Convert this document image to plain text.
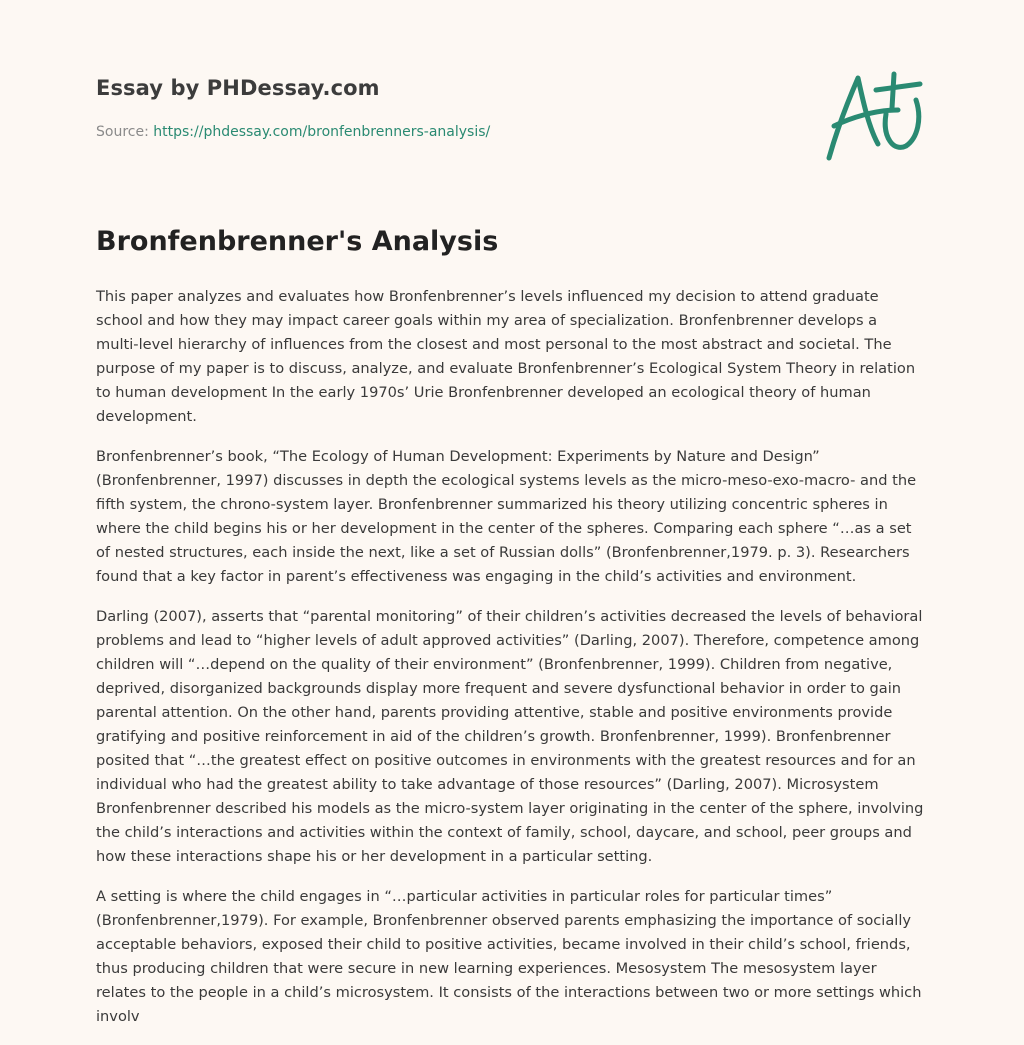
Essay by PHDessay.com
Source: https://phdessay.com/bronfenbrenners-analysis/
Bronfenbrenner's Analysis

This paper analyzes and evaluates how Bronfenbrenner’s levels influenced my decision to attend graduate school and how they may impact career goals within my area of specialization. Bronfenbrenner develops a multi-level hierarchy of influences from the closest and most personal to the most abstract and societal. The purpose of my paper is to discuss, analyze, and evaluate Bronfenbrenner’s Ecological System Theory in relation to human development In the early 1970s’ Urie Bronfenbrenner developed an ecological theory of human development.

Bronfenbrenner’s book, “The Ecology of Human Development: Experiments by Nature and Design” (Bronfenbrenner, 1997) discusses in depth the ecological systems levels as the micro-meso-exo-macro- and the fifth system, the chrono-system layer. Bronfenbrenner summarized his theory utilizing concentric spheres in where the child begins his or her development in the center of the spheres. Comparing each sphere “…as a set of nested structures, each inside the next, like a set of Russian dolls” (Bronfenbrenner,1979. p. 3). Researchers found that a key factor in parent’s effectiveness was engaging in the child’s activities and environment.

Darling (2007), asserts that “parental monitoring” of their children’s activities decreased the levels of behavioral problems and lead to “higher levels of adult approved activities” (Darling, 2007). Therefore, competence among children will “…depend on the quality of their environment” (Bronfenbrenner, 1999). Children from negative, deprived, disorganized backgrounds display more frequent and severe dysfunctional behavior in order to gain parental attention. On the other hand, parents providing attentive, stable and positive environments provide gratifying and positive reinforcement in aid of the children’s growth. Bronfenbrenner, 1999). Bronfenbrenner posited that “…the greatest effect on positive outcomes in environments with the greatest resources and for an individual who had the greatest ability to take advantage of those resources” (Darling, 2007). Microsystem Bronfenbrenner described his models as the micro-system layer originating in the center of the sphere, involving the child’s interactions and activities within the context of family, school, daycare, and school, peer groups and how these interactions shape his or her development in a particular setting.

A setting is where the child engages in “…particular activities in particular roles for particular times” (Bronfenbrenner,1979). For example, Bronfenbrenner observed parents emphasizing the importance of socially acceptable behaviors, exposed their child to positive activities, became involved in their child’s school, friends, thus producing children that were secure in new learning experiences. Mesosystem The mesosystem layer relates to the people in a child’s microsystem. It consists of the interactions between two or more settings which involv
